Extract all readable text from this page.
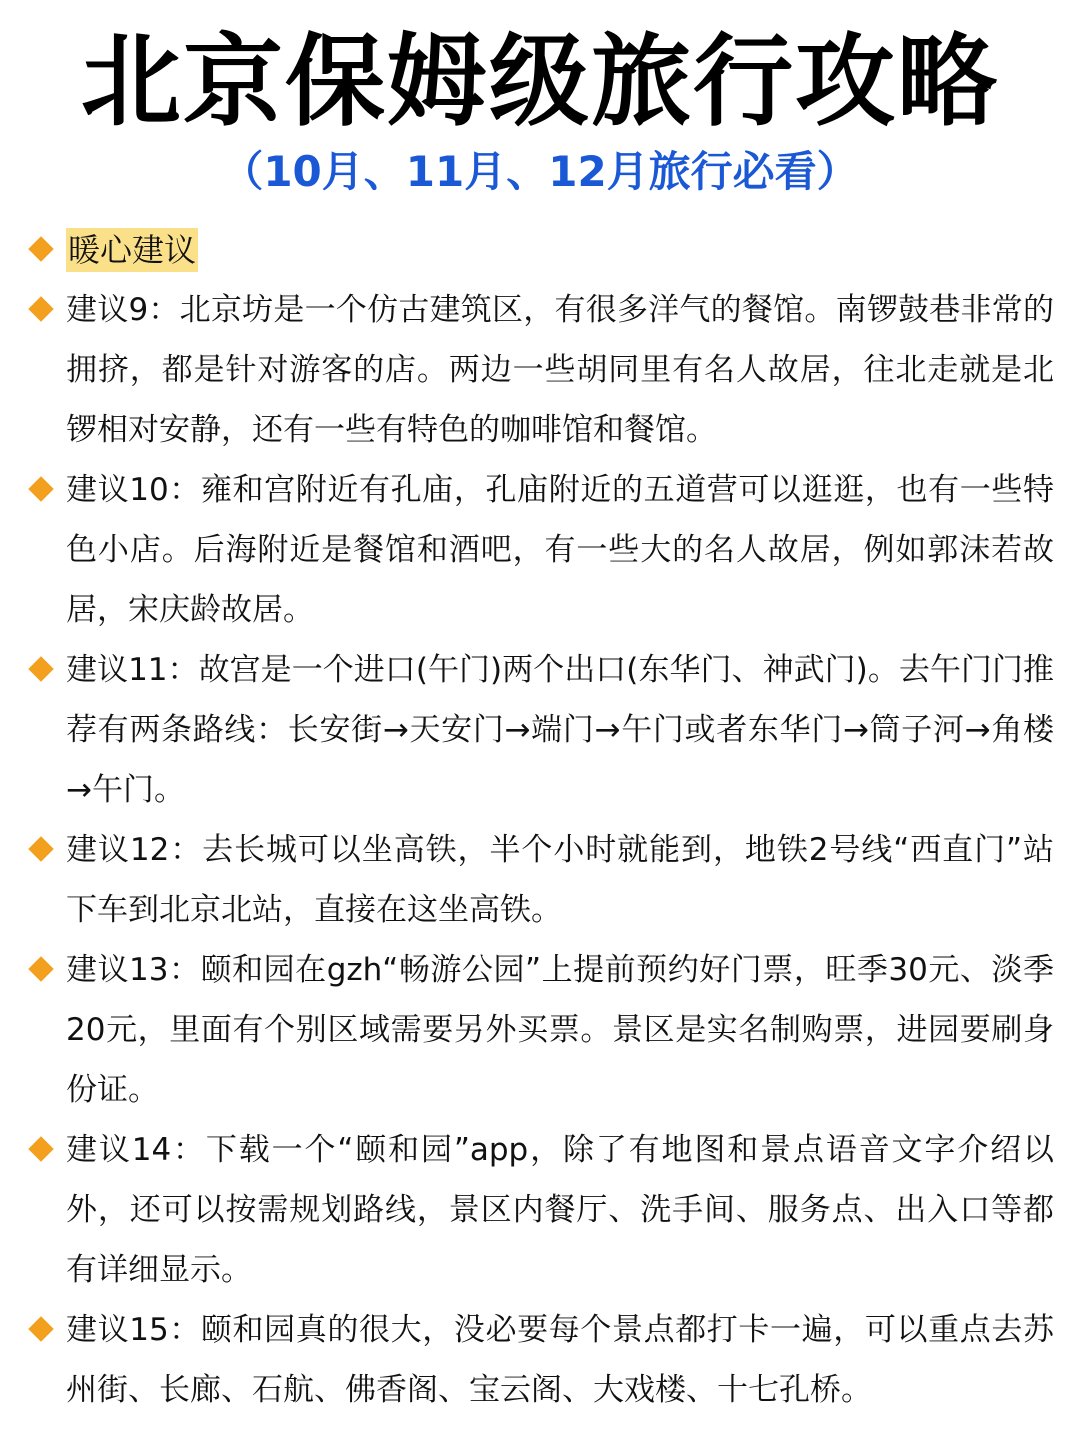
北京保姆级旅行攻略
（10月、11月、12月旅行必看）
暖心建议
建议9：北京坊是一个仿古建筑区，有很多洋气的餐馆。南锣鼓巷非常的拥挤，都是针对游客的店。两边一些胡同里有名人故居，往北走就是北锣相对安静，还有一些有特色的咖啡馆和餐馆。
建议10：雍和宫附近有孔庙，孔庙附近的五道营可以逛逛，也有一些特色小店。后海附近是餐馆和酒吧，有一些大的名人故居，例如郭沫若故居，宋庆龄故居。
建议11：故宫是一个进口(午门)两个出口(东华门、神武门)。去午门门推荐有两条路线：长安街→天安门→端门→午门或者东华门→筒子河→角楼→午门。
建议12：去长城可以坐高铁，半个小时就能到，地铁2号线“西直门”站下车到北京北站，直接在这坐高铁。
建议13：颐和园在gzh“畅游公园”上提前预约好门票，旺季30元、淡季20元，里面有个别区域需要另外买票。景区是实名制购票，进园要刷身份证。
建议14：下载一个“颐和园”app，除了有地图和景点语音文字介绍以外，还可以按需规划路线，景区内餐厅、洗手间、服务点、出入口等都有详细显示。
建议15：颐和园真的很大，没必要每个景点都打卡一遍，可以重点去苏州街、长廊、石航、佛香阁、宝云阁、大戏楼、十七孔桥。
